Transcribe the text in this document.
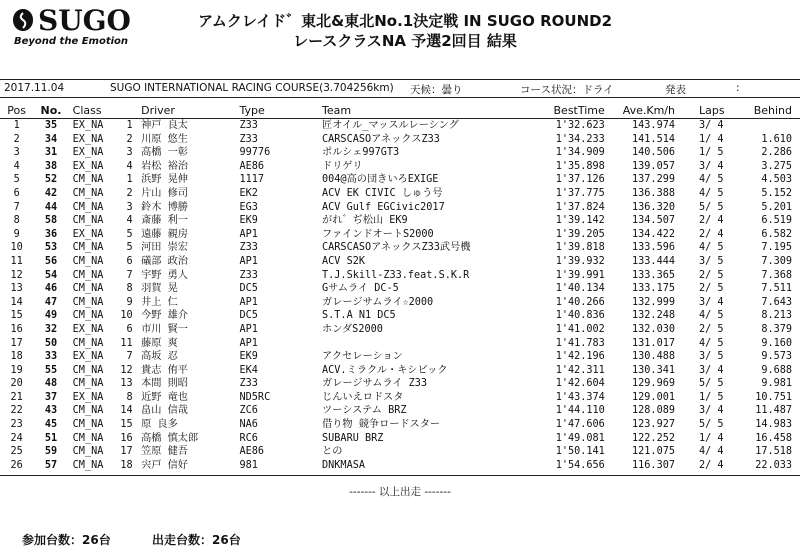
SUGO
Beyond the Emotion
アムクレイド゛東北&東北No.1決定戦 IN SUGO ROUND2
レースクラスNA 予選2回目 結果
2017.11.04	SUGO INTERNATIONAL RACING COURSE(3.704256km) 天候：曇り	コース状況：ドライ	発表	:
Pos	No.	Class	Driver	Type	Team	BestTime	Ave.Km/h	Laps	Behind
1	35	EX_NA 1	神戸 良太	Z33	匠オイル_マッスルレーシング	1'32.623	143.974	3/ 4	
2	34	EX_NA 2	川原 悠生	Z33	CARSCASOアネックスZ33	1'34.233	141.514	1/ 4	1.610
3	31	EX_NA 3	高橋 一彰	99776	ポルシェ997GT3	1'34.909	140.506	1/ 5	2.286
4	38	EX_NA 4	岩松 裕治	AE86	ドリゲリ	1'35.898	139.057	3/ 4	3.275
5	52	CM_NA 1	浜野 晃伸	1117	004@高の団きいろEXIGE	1'37.126	137.299	4/ 5	4.503
6	42	CM_NA 2	片山 修司	EK2	ACV EK CIVIC しゅう号	1'37.775	136.388	4/ 5	5.152
7	44	CM_NA 3	鈴木 博勝	EG3	ACV Gulf EGCivic2017	1'37.824	136.320	5/ 5	5.201
8	58	CM_NA 4	斎藤 利一	EK9	がれ゛ぢ松山 EK9	1'39.142	134.507	2/ 4	6.519
9	36	EX_NA 5	遠藤 親房	AP1	ファインドオートS2000	1'39.205	134.422	2/ 4	6.582
10	53	CM_NA 5	河田 崇宏	Z33	CARSCASOアネックスZ33武号機	1'39.818	133.596	4/ 5	7.195
11	56	CM_NA 6	礒部 政治	AP1	ACV S2K	1'39.932	133.444	3/ 5	7.309
12	54	CM_NA 7	宇野 勇人	Z33	T.J.Skill-Z33.feat.S.K.R	1'39.991	133.365	2/ 5	7.368
13	46	CM_NA 8	羽賀 晃	DC5	Gサムライ DC-5	1'40.134	133.175	2/ 5	7.511
14	47	CM_NA 9	井上 仁	AP1	ガレージサムライ☆2000	1'40.266	132.999	3/ 4	7.643
15	49	CM_NA 10	今野 雄介	DC5	S.T.A N1 DC5	1'40.836	132.248	4/ 5	8.213
16	32	EX_NA 6	市川 賢一	AP1	ホンダS2000	1'41.002	132.030	2/ 5	8.379
17	50	CM_NA 11	藤原 爽	AP1		1'41.783	131.017	4/ 5	9.160
18	33	EX_NA 7	高坂 忍	EK9	アクセレーション	1'42.196	130.488	3/ 5	9.573
19	55	CM_NA 12	貴志 侑平	EK4	ACV.ミラクル・キシビック	1'42.311	130.341	3/ 4	9.688
20	48	CM_NA 13	本間 則昭	Z33	ガレージサムライ Z33	1'42.604	129.969	5/ 5	9.981
21	37	EX_NA 8	近野 竜也	ND5RC	じんいえロドスタ	1'43.374	129.001	1/ 5	10.751
22	43	CM_NA 14	畠山 信哉	ZC6	ツーシステム BRZ	1'44.110	128.089	3/ 4	11.487
23	45	CM_NA 15	原 良多	NA6	借り物 競争ロードスター	1'47.606	123.927	5/ 5	14.983
24	51	CM_NA 16	高橋 慎太郎	RC6	SUBARU BRZ	1'49.081	122.252	1/ 4	16.458
25	59	CM_NA 17	笠原 健吾	AE86	との	1'50.141	121.075	4/ 4	17.518
26	57	CM_NA 18	宍戸 信好	981	DNKMASA	1'54.656	116.307	2/ 4	22.033
------- 以上出走 -------
参加台数：26台	出走台数：26台
